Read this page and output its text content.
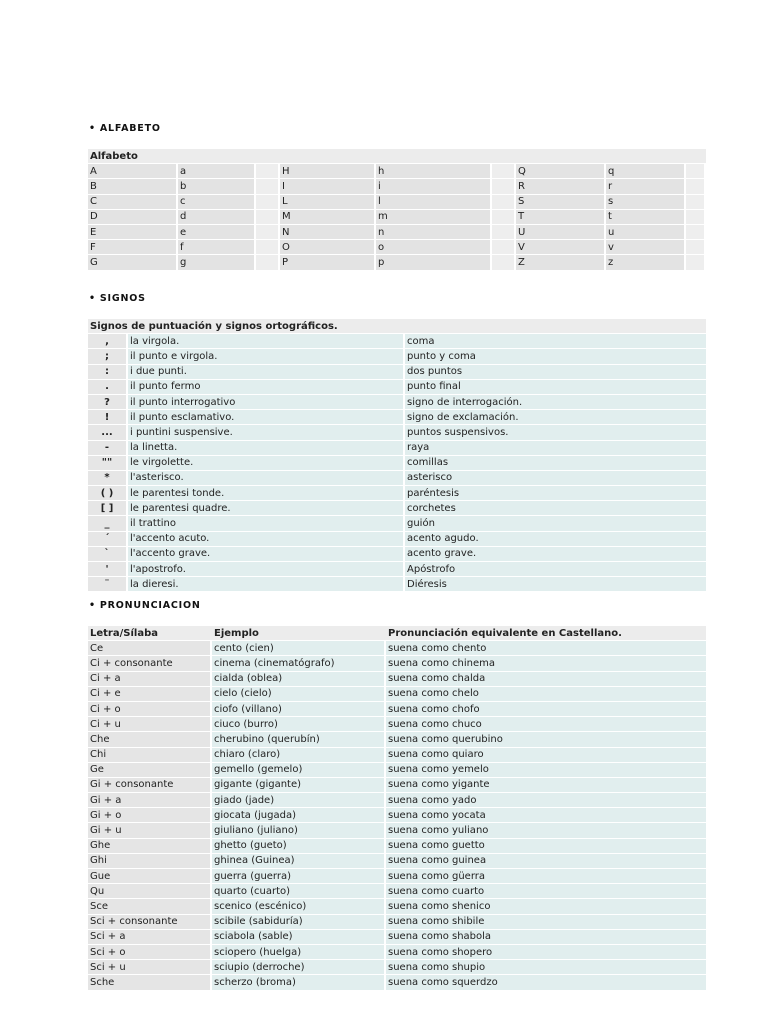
• ALFABETO
Alfabeto								
A	a		H	h		Q	q	
B	b		I	i		R	r	
C	c		L	l		S	s	
D	d		M	m		T	t	
E	e		N	n		U	u	
F	f		O	o		V	v	
G	g		P	p		Z	z	
• SIGNOS
Signos de puntuación y signos ortográficos.		
,	la virgola.	coma
;	il punto e virgola.	punto y coma
:	i due punti.	dos puntos
.	il punto fermo	punto final
?	il punto interrogativo	signo de interrogación.
!	il punto esclamativo.	signo de exclamación.
...	i puntini suspensive.	puntos suspensivos.
-	la linetta.	raya
""	le virgolette.	comillas
*	l'asterisco.	asterisco
( )	le parentesi tonde.	paréntesis
[ ]	le parentesi quadre.	corchetes
_	il trattino	guión
´	l'accento acuto.	acento agudo.
`	l'accento grave.	acento grave.
'	l'apostrofo.	Apóstrofo
¨	la dieresi.	Diéresis
• PRONUNCIACION
Letra/Sílaba	Ejemplo	Pronunciación equivalente en Castellano.
Ce	cento (cien)	suena como chento
Ci + consonante	cinema (cinematógrafo)	suena como chinema
Ci + a	cialda (oblea)	suena como chalda
Ci + e	cielo (cielo)	suena como chelo
Ci + o	ciofo (villano)	suena como chofo
Ci + u	ciuco (burro)	suena como chuco
Che	cherubino (querubín)	suena como querubino
Chi	chiaro (claro)	suena como quiaro
Ge	gemello (gemelo)	suena como yemelo
Gi + consonante	gigante (gigante)	suena como yigante
Gi + a	giado (jade)	suena como yado
Gi + o	giocata (jugada)	suena como yocata
Gi + u	giuliano (juliano)	suena como yuliano
Ghe	ghetto (gueto)	suena como guetto
Ghi	ghinea (Guinea)	suena como guinea
Gue	guerra (guerra)	suena como güerra
Qu	quarto (cuarto)	suena como cuarto
Sce	scenico (escénico)	suena como shenico
Sci + consonante	scibile (sabiduría)	suena como shibile
Sci + a	sciabola (sable)	suena como shabola
Sci + o	sciopero (huelga)	suena como shopero
Sci + u	sciupio (derroche)	suena como shupio
Sche	scherzo (broma)	suena como squerdzo
